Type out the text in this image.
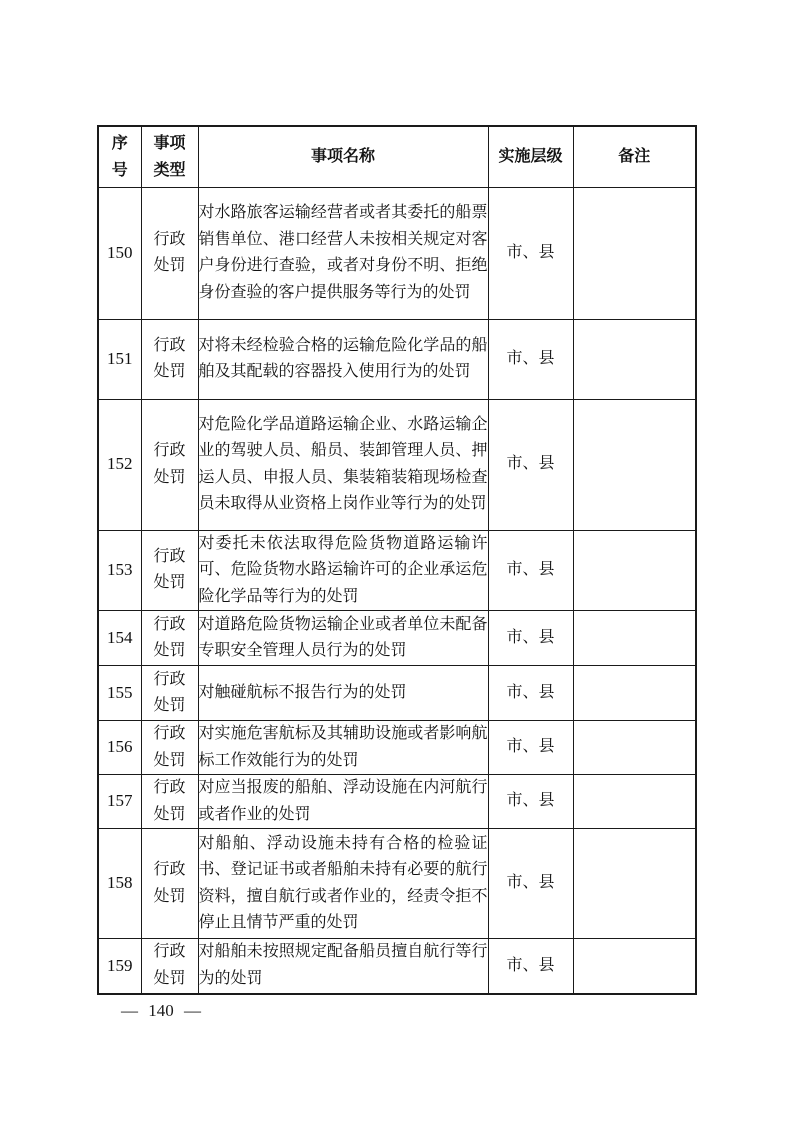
序号	事项类型	事项名称	实施层级	备注
150	行政处罚	对水路旅客运输经营者或者其委托的船票销售单位、港口经营人未按相关规定对客户身份进行查验，或者对身份不明、拒绝身份查验的客户提供服务等行为的处罚	市、县	
151	行政处罚	对将未经检验合格的运输危险化学品的船舶及其配载的容器投入使用行为的处罚	市、县	
152	行政处罚	对危险化学品道路运输企业、水路运输企业的驾驶人员、船员、装卸管理人员、押运人员、申报人员、集装箱装箱现场检查员未取得从业资格上岗作业等行为的处罚	市、县	
153	行政处罚	对委托未依法取得危险货物道路运输许可、危险货物水路运输许可的企业承运危险化学品等行为的处罚	市、县	
154	行政处罚	对道路危险货物运输企业或者单位未配备专职安全管理人员行为的处罚	市、县	
155	行政处罚	对触碰航标不报告行为的处罚	市、县	
156	行政处罚	对实施危害航标及其辅助设施或者影响航标工作效能行为的处罚	市、县	
157	行政处罚	对应当报废的船舶、浮动设施在内河航行或者作业的处罚	市、县	
158	行政处罚	对船舶、浮动设施未持有合格的检验证书、登记证书或者船舶未持有必要的航行资料，擅自航行或者作业的，经责令拒不停止且情节严重的处罚	市、县	
159	行政处罚	对船舶未按照规定配备船员擅自航行等行为的处罚	市、县	
— 140 —
